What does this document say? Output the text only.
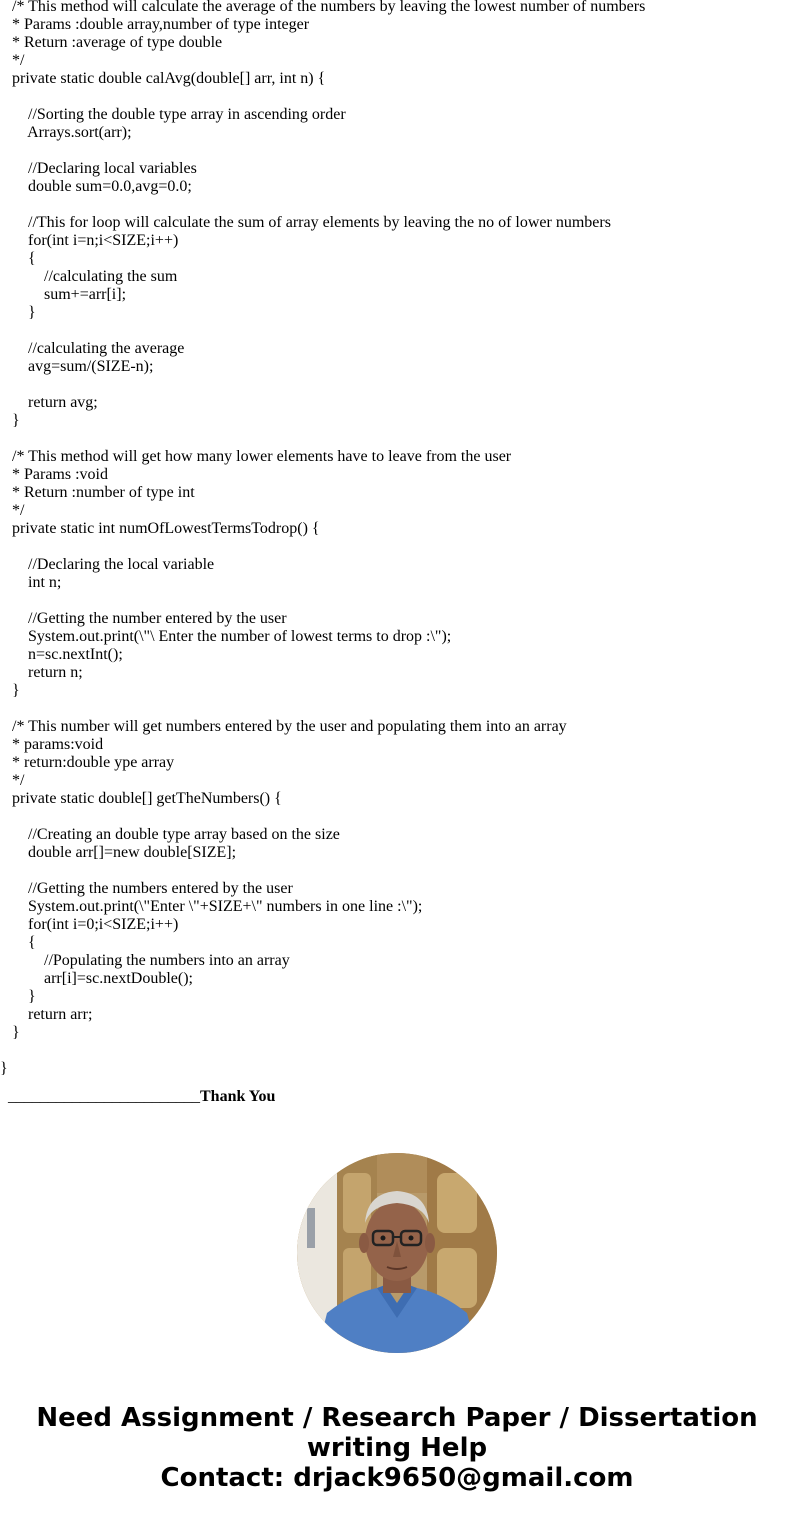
/* This method will calculate the average of the numbers by leaving the lowest number of numbers
* Params :double array,number of type integer
* Return :average of type double
*/
private static double calAvg(double[] arr, int n) {
//Sorting the double type array in ascending order
Arrays.sort(arr);
//Declaring local variables
double sum=0.0,avg=0.0;
//This for loop will calculate the sum of array elements by leaving the no of lower numbers
for(int i=n;i<SIZE;i++)
{
//calculating the sum
sum+=arr[i];
}
//calculating the average
avg=sum/(SIZE-n);
return avg;
}
/* This method will get how many lower elements have to leave from the user
* Params :void
* Return :number of type int
*/
private static int numOfLowestTermsTodrop() {
//Declaring the local variable
int n;
//Getting the number entered by the user
System.out.print(\"\ Enter the number of lowest terms to drop :\");
n=sc.nextInt();
return n;
}
/* This number will get numbers entered by the user and populating them into an array
* params:void
* return:double ype array
*/
private static double[] getTheNumbers() {
//Creating an double type array based on the size
double arr[]=new double[SIZE];
//Getting the numbers entered by the user
System.out.print(\"Enter \"+SIZE+\" numbers in one line :\");
for(int i=0;i<SIZE;i++)
{
//Populating the numbers into an array
arr[i]=sc.nextDouble();
}
return arr;
}
}
________________________Thank You
Need Assignment / Research Paper / Dissertation
writing Help
Contact: drjack9650@gmail.com
